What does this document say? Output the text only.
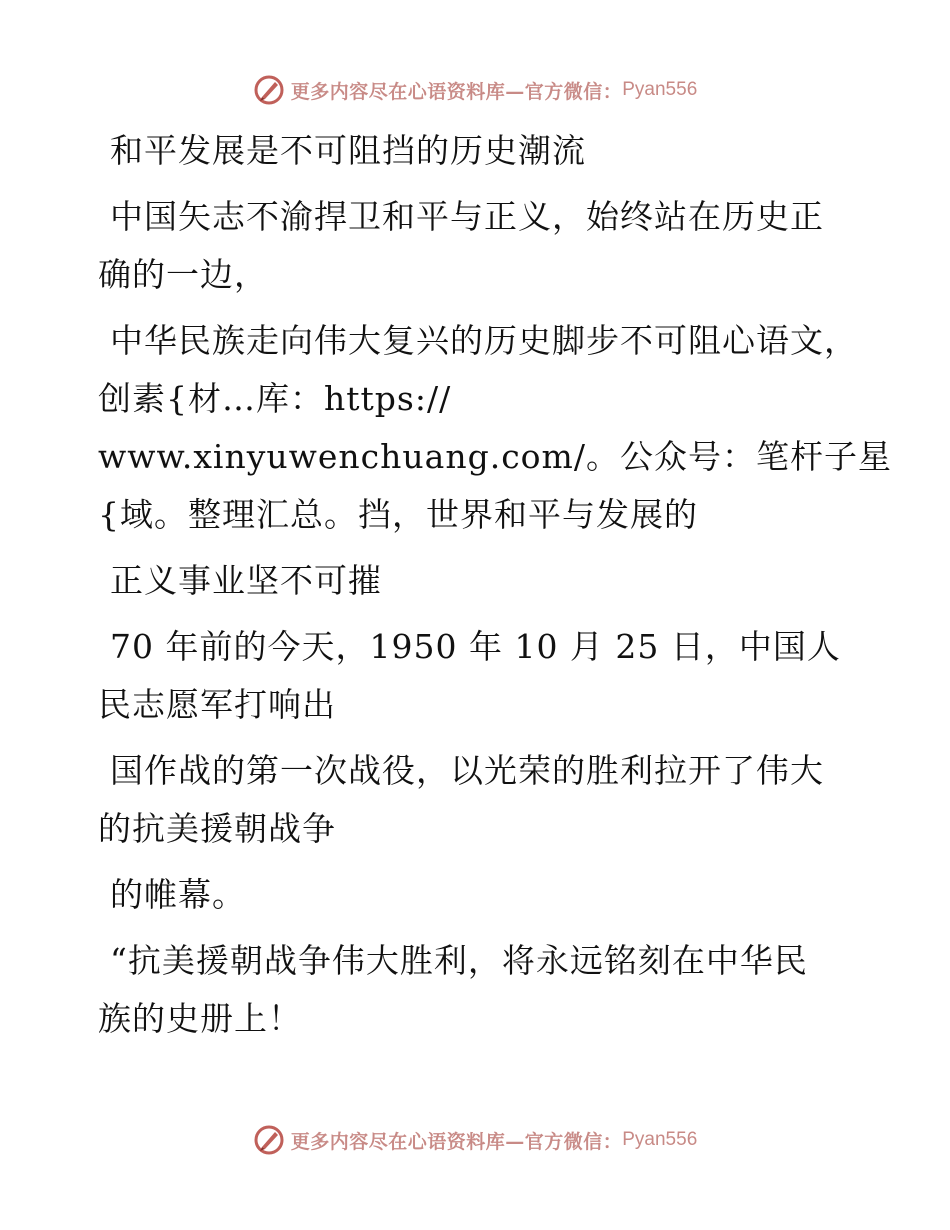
更多内容尽在心语资料库—官方微信： Pyan556
和平发展是不可阻挡的历史潮流
中国矢志不渝捍卫和平与正义，始终站在历史正
确的一边，
中华民族走向伟大复兴的历史脚步不可阻心语文，
创素{材…库：https://
www.xinyuwenchuang.com/。公众号：笔杆子星
{域。整理汇总。挡，世界和平与发展的
正义事业坚不可摧
70 年前的今天，1950 年 10 月 25 日，中国人
民志愿军打响出
国作战的第一次战役，以光荣的胜利拉开了伟大
的抗美援朝战争
的帷幕。
“抗美援朝战争伟大胜利，将永远铭刻在中华民
族的史册上！
更多内容尽在心语资料库—官方微信： Pyan556
